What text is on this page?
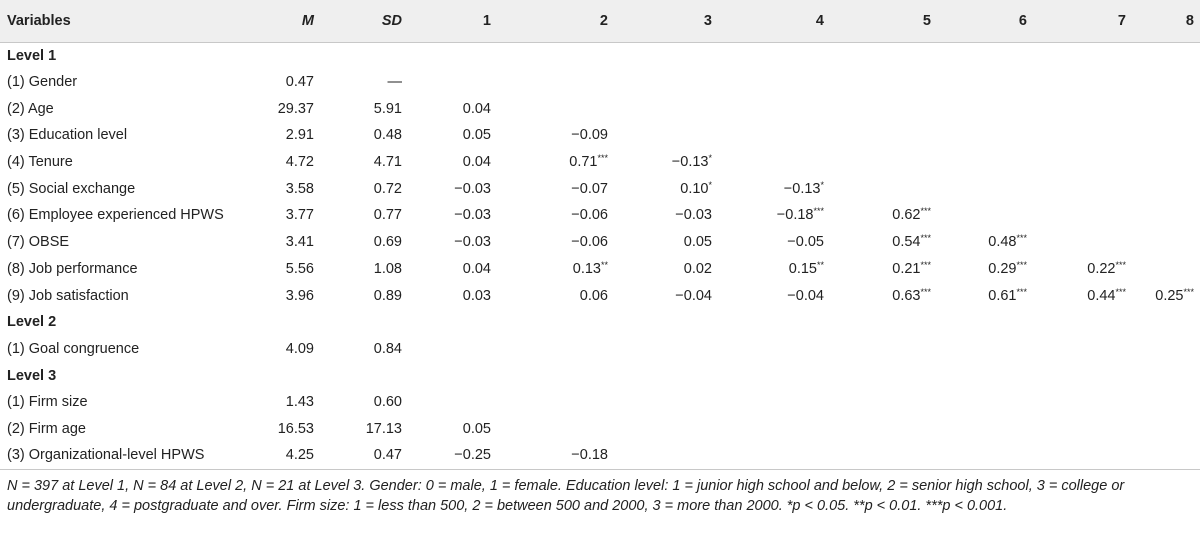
Variables	M	SD	1	2	3	4	5	6	7	8
Level 1										
(1) Gender	0.47	—								
(2) Age	29.37	5.91	0.04							
(3) Education level	2.91	0.48	0.05	−0.09						
(4) Tenure	4.72	4.71	0.04	0.71***	−0.13*					
(5) Social exchange	3.58	0.72	−0.03	−0.07	0.10*	−0.13*				
(6) Employee experienced HPWS	3.77	0.77	−0.03	−0.06	−0.03	−0.18***	0.62***			
(7) OBSE	3.41	0.69	−0.03	−0.06	0.05	−0.05	0.54***	0.48***		
(8) Job performance	5.56	1.08	0.04	0.13**	0.02	0.15**	0.21***	0.29***	0.22***	
(9) Job satisfaction	3.96	0.89	0.03	0.06	−0.04	−0.04	0.63***	0.61***	0.44***	0.25***
Level 2										
(1) Goal congruence	4.09	0.84								
Level 3										
(1) Firm size	1.43	0.60								
(2) Firm age	16.53	17.13	0.05							
(3) Organizational-level HPWS	4.25	0.47	−0.25	−0.18						
N = 397 at Level 1, N = 84 at Level 2, N = 21 at Level 3. Gender: 0 = male, 1 = female. Education level: 1 = junior high school and below, 2 = senior high school, 3 = college or undergraduate, 4 = postgraduate and over. Firm size: 1 = less than 500, 2 = between 500 and 2000, 3 = more than 2000. *p < 0.05. **p < 0.01. ***p < 0.001.
